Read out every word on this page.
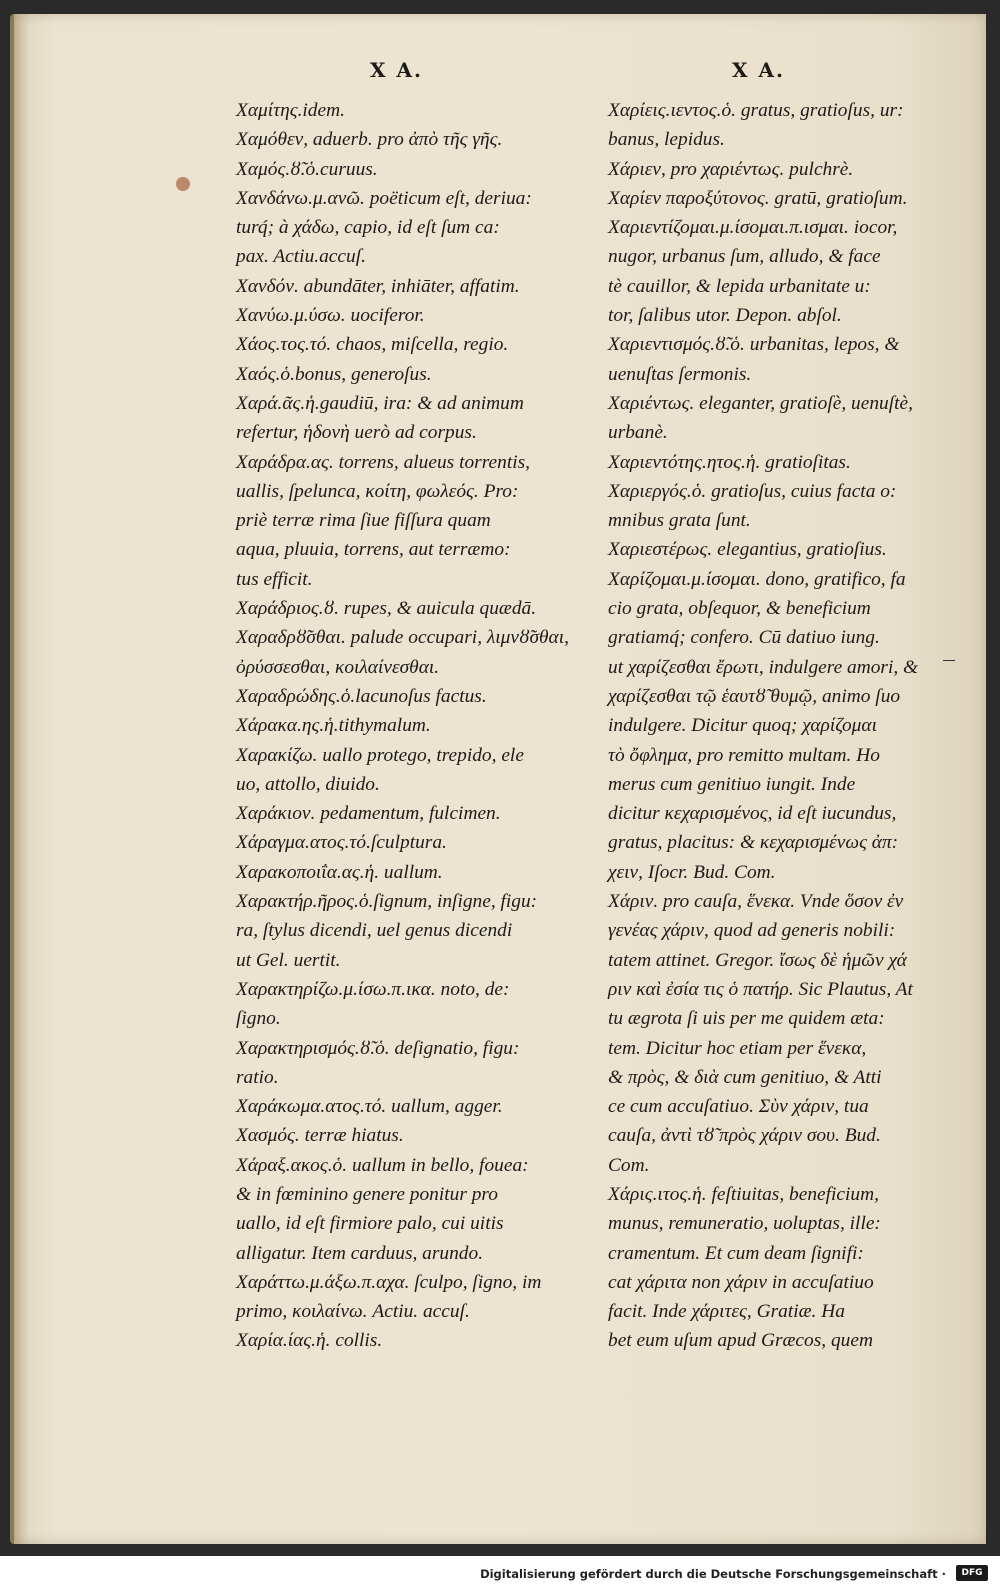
X A.	X A.

Χαμίτης.idem.

Χαμόθεν, aduerb. pro ἀπὸ τῆς γῆς.

Χαμός.ȣ̃.ὁ.curuus.

Χανδάνω.μ.ανῶ. poëticum eſt, deriua:
turq́; à χάδω, capio, id eſt ſum ca:
pax. Actiu.accuſ.

Χανδόν. abundāter, inhiāter, affatim.

Χανύω.μ.ύσω. uociferor.

Χάος.τος.τό. chaos, miſcella, regio.

Χαός.ὁ.bonus, generoſus.

Χαρά.ᾶς.ἡ.gaudiū, ira: & ad animum
refertur, ἡδονὴ uerò ad corpus.

Χαράδρα.ας. torrens, alueus torrentis,
uallis, ſpelunca, κοίτη, φωλεός. Pro:
priè terræ rima ſiue fiſſura quam
aqua, pluuia, torrens, aut terræmo:
tus efficit.

Χαράδριος.ȣ. rupes, & auicula quædā.

Χαραδρȣ̃σθαι. palude occupari, λιμνȣ̃σθαι,
ὀρύσσεσθαι, κοιλαίνεσθαι.

Χαραδρώδης.ὁ.lacunoſus factus.

Χάρακα.ης.ἡ.tithymalum.

Χαρακίζω. uallo protego, trepido, ele
uo, attollo, diuido.

Χαράκιον. pedamentum, fulcimen.

Χάραγμα.ατος.τό.ſculptura.

Χαρακοποιΐα.ας.ἡ. uallum.

Χαρακτήρ.ῆρος.ὁ.ſignum, inſigne, figu:
ra, ſtylus dicendi, uel genus dicendi
ut Gel. uertit.

Χαρακτηρίζω.μ.ίσω.π.ικα. noto, de:
ſigno.

Χαρακτηρισμός.ȣ̃.ὁ. deſignatio, figu:
ratio.

Χαράκωμα.ατος.τό. uallum, agger.

Χασμός. terræ hiatus.

Χάραξ.ακος.ὁ. uallum in bello, fouea:
& in fœminino genere ponitur pro
uallo, id eſt firmiore palo, cui uitis
alligatur. Item carduus, arundo.

Χαράττω.μ.άξω.π.αχα. ſculpo, ſigno, im
primo, κοιλαίνω. Actiu. accuſ.

Χαρία.ίας.ἡ. collis.

Χαρίεις.ιεντος.ὁ. gratus, gratioſus, ur:
banus, lepidus.

Χάριεν, pro χαριέντως. pulchrè.

Χαρίεν παροξύτονος. gratū, gratioſum.

Χαριεντίζομαι.μ.ίσομαι.π.ισμαι. iocor,
nugor, urbanus ſum, alludo, & face
tè cauillor, & lepida urbanitate u:
tor, ſalibus utor. Depon. abſol.

Χαριεντισμός.ȣ̃.ὁ. urbanitas, lepos, &
uenuſtas ſermonis.

Χαριέντως. eleganter, gratioſè, uenuſtè,
urbanè.

Χαριεντότης.ητος.ἡ. gratioſitas.

Χαριεργός.ὁ. gratioſus, cuius facta o:
mnibus grata ſunt.

Χαριεστέρως. elegantius, gratioſius.

Χαρίζομαι.μ.ίσομαι. dono, gratifico, fa
cio grata, obſequor, & beneficium
gratiamq́; confero. Cū datiuo iung.
ut χαρίζεσθαι ἔρωτι, indulgere amori, &
χαρίζεσθαι τῷ ἑαυτȣ̃ θυμῷ, animo ſuo
indulgere. Dicitur quoq; χαρίζομαι
τὸ ὄφλημα, pro remitto multam. Ho
merus cum genitiuo iungit. Inde
dicitur κεχαρισμένος, id eſt iucundus,
gratus, placitus: & κεχαρισμένως ἀπ:
χειν, Iſocr. Bud. Com.

Χάριν. pro cauſa, ἕνεκα. Vnde ὅσον ἐν
γενέας χάριν, quod ad generis nobili:
tatem attinet. Gregor. ἴσως δὲ ἡμῶν χά
ριν καὶ ἐσία τις ὁ πατήρ. Sic Plautus, At
tu ægrota ſi uis per me quidem æta:
tem. Dicitur hoc etiam per ἕνεκα,
& πρὸς, & διὰ cum genitiuo, & Atti
ce cum accuſatiuo. Σὺν χάριν, tua
cauſa, ἀντὶ τȣ̃ πρὸς χάριν σου. Bud.
Com.

Χάρις.ιτος.ἡ. feſtiuitas, beneficium,
munus, remuneratio, uoluptas, ille:
cramentum. Et cum deam ſignifi:
cat χάριτα non χάριν in accuſatiuo
facit. Inde χάριτες, Gratiæ. Ha
bet eum uſum apud Græcos, quem

Digitalisierung gefördert durch die Deutsche Forschungsgemeinschaft ·	DFG
